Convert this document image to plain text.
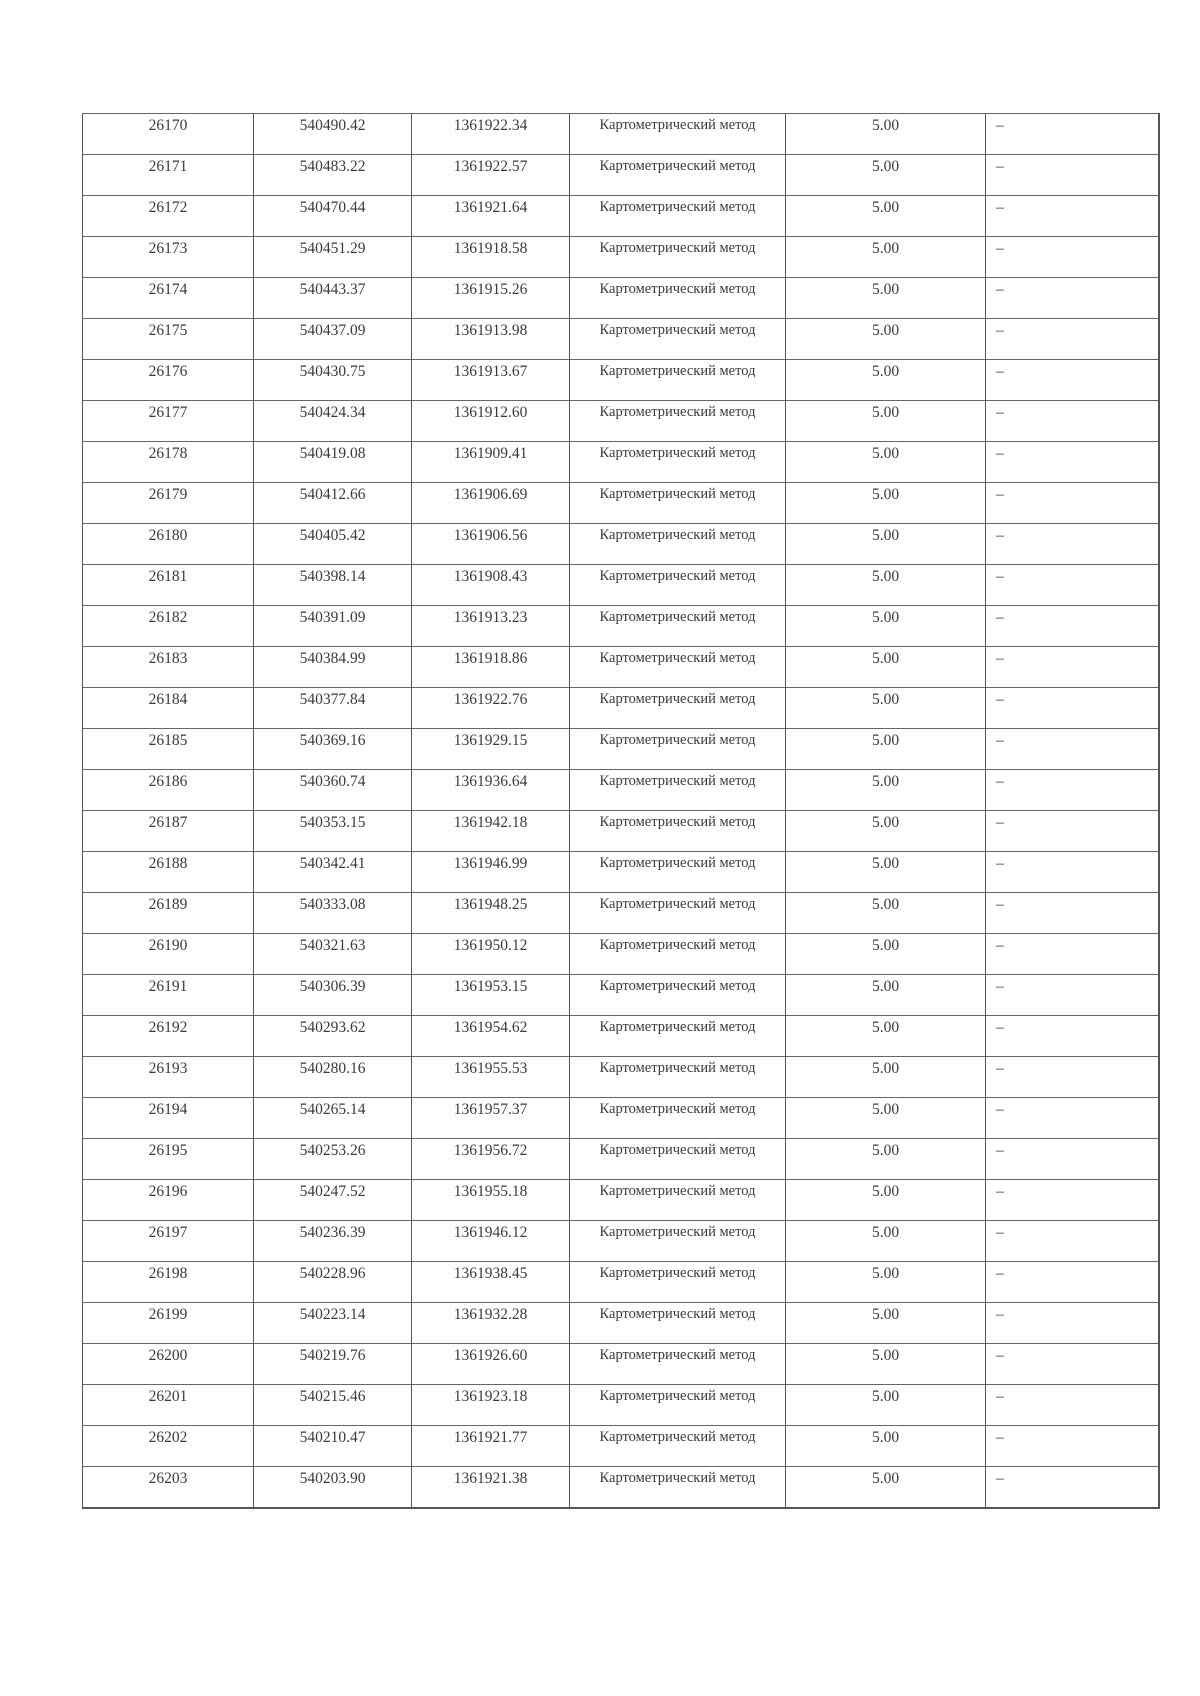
26170	540490.42	1361922.34	Картометрический метод	5.00	–
26171	540483.22	1361922.57	Картометрический метод	5.00	–
26172	540470.44	1361921.64	Картометрический метод	5.00	–
26173	540451.29	1361918.58	Картометрический метод	5.00	–
26174	540443.37	1361915.26	Картометрический метод	5.00	–
26175	540437.09	1361913.98	Картометрический метод	5.00	–
26176	540430.75	1361913.67	Картометрический метод	5.00	–
26177	540424.34	1361912.60	Картометрический метод	5.00	–
26178	540419.08	1361909.41	Картометрический метод	5.00	–
26179	540412.66	1361906.69	Картометрический метод	5.00	–
26180	540405.42	1361906.56	Картометрический метод	5.00	–
26181	540398.14	1361908.43	Картометрический метод	5.00	–
26182	540391.09	1361913.23	Картометрический метод	5.00	–
26183	540384.99	1361918.86	Картометрический метод	5.00	–
26184	540377.84	1361922.76	Картометрический метод	5.00	–
26185	540369.16	1361929.15	Картометрический метод	5.00	–
26186	540360.74	1361936.64	Картометрический метод	5.00	–
26187	540353.15	1361942.18	Картометрический метод	5.00	–
26188	540342.41	1361946.99	Картометрический метод	5.00	–
26189	540333.08	1361948.25	Картометрический метод	5.00	–
26190	540321.63	1361950.12	Картометрический метод	5.00	–
26191	540306.39	1361953.15	Картометрический метод	5.00	–
26192	540293.62	1361954.62	Картометрический метод	5.00	–
26193	540280.16	1361955.53	Картометрический метод	5.00	–
26194	540265.14	1361957.37	Картометрический метод	5.00	–
26195	540253.26	1361956.72	Картометрический метод	5.00	–
26196	540247.52	1361955.18	Картометрический метод	5.00	–
26197	540236.39	1361946.12	Картометрический метод	5.00	–
26198	540228.96	1361938.45	Картометрический метод	5.00	–
26199	540223.14	1361932.28	Картометрический метод	5.00	–
26200	540219.76	1361926.60	Картометрический метод	5.00	–
26201	540215.46	1361923.18	Картометрический метод	5.00	–
26202	540210.47	1361921.77	Картометрический метод	5.00	–
26203	540203.90	1361921.38	Картометрический метод	5.00	–
